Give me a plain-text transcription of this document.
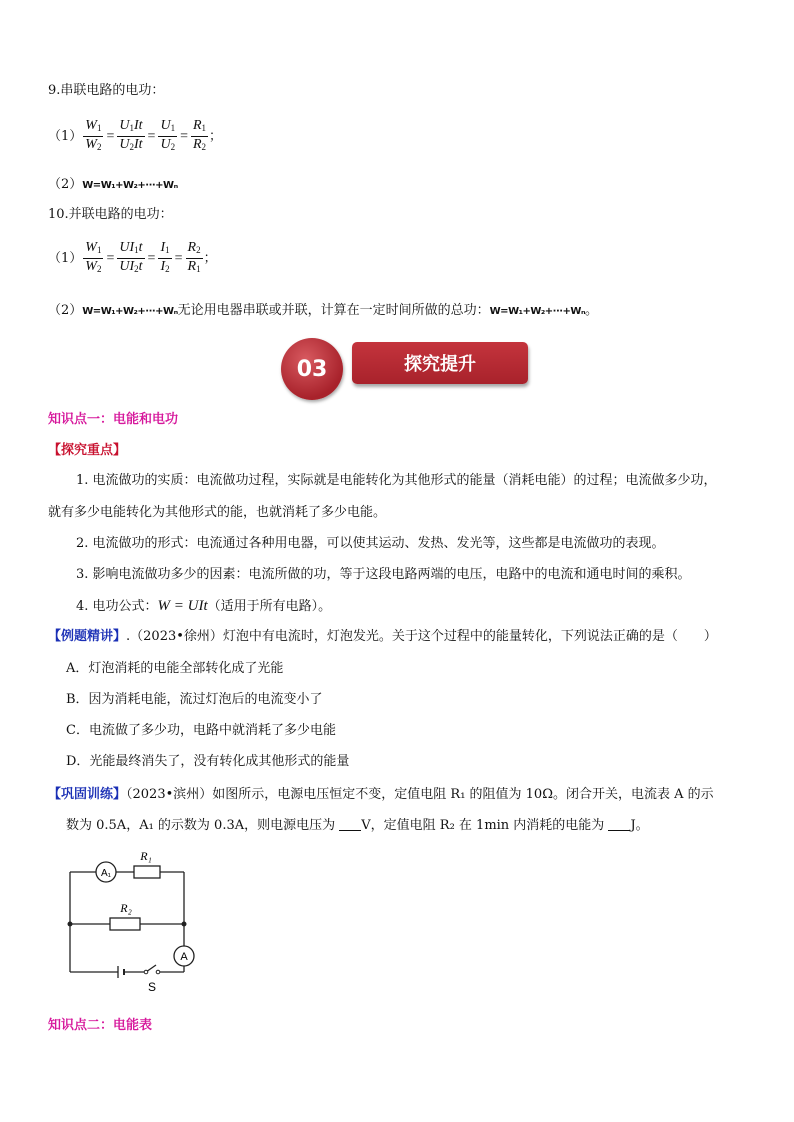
9.串联电路的电功：
$(1) \frac{W_1}{W_2} = \frac{U_1It}{U_2It} = \frac{U_1}{U_2} = \frac{R_1}{R_2}$ ；
（2）W=W₁+W₂+···+Wₙ
10.并联电路的电功：
$(1) \frac{W_1}{W_2} = \frac{UI_1t}{UI_2t} = \frac{I_1}{I_2} = \frac{R_2}{R_1}$ ；
（2）W=W₁+W₂+···+Wₙ无论用电器串联或并联，计算在一定时间所做的总功：W=W₁+W₂+···+Wₙ。
03	探究提升
知识点一：电能和电功
【探究重点】
1. 电流做功的实质：电流做功过程，实际就是电能转化为其他形式的能量（消耗电能）的过程；电流做多少功，
就有多少电能转化为其他形式的能，也就消耗了多少电能。
2. 电流做功的形式：电流通过各种用电器，可以使其运动、发热、发光等，这些都是电流做功的表现。
3. 影响电流做功多少的因素：电流所做的功，等于这段电路两端的电压，电路中的电流和通电时间的乘积。
4. 电功公式：W = UIt（适用于所有电路）。
【例题精讲】.（2023•徐州）灯泡中有电流时，灯泡发光。关于这个过程中的能量转化，下列说法正确的是（　　）
A．灯泡消耗的电能全部转化成了光能
B．因为消耗电能，流过灯泡后的电流变小了
C．电流做了多少功，电路中就消耗了多少电能
D．光能最终消失了，没有转化成其他形式的能量
【巩固训练】（2023•滨州）如图所示，电源电压恒定不变，定值电阻 R₁ 的阻值为 10Ω。闭合开关，电流表 A 的示
数为 0.5A，A₁ 的示数为 0.3A，则电源电压为 V，定值电阻 R₂ 在 1min 内消耗的电能为 J。
A₁
R₁
R₂
A
S
知识点二：电能表
